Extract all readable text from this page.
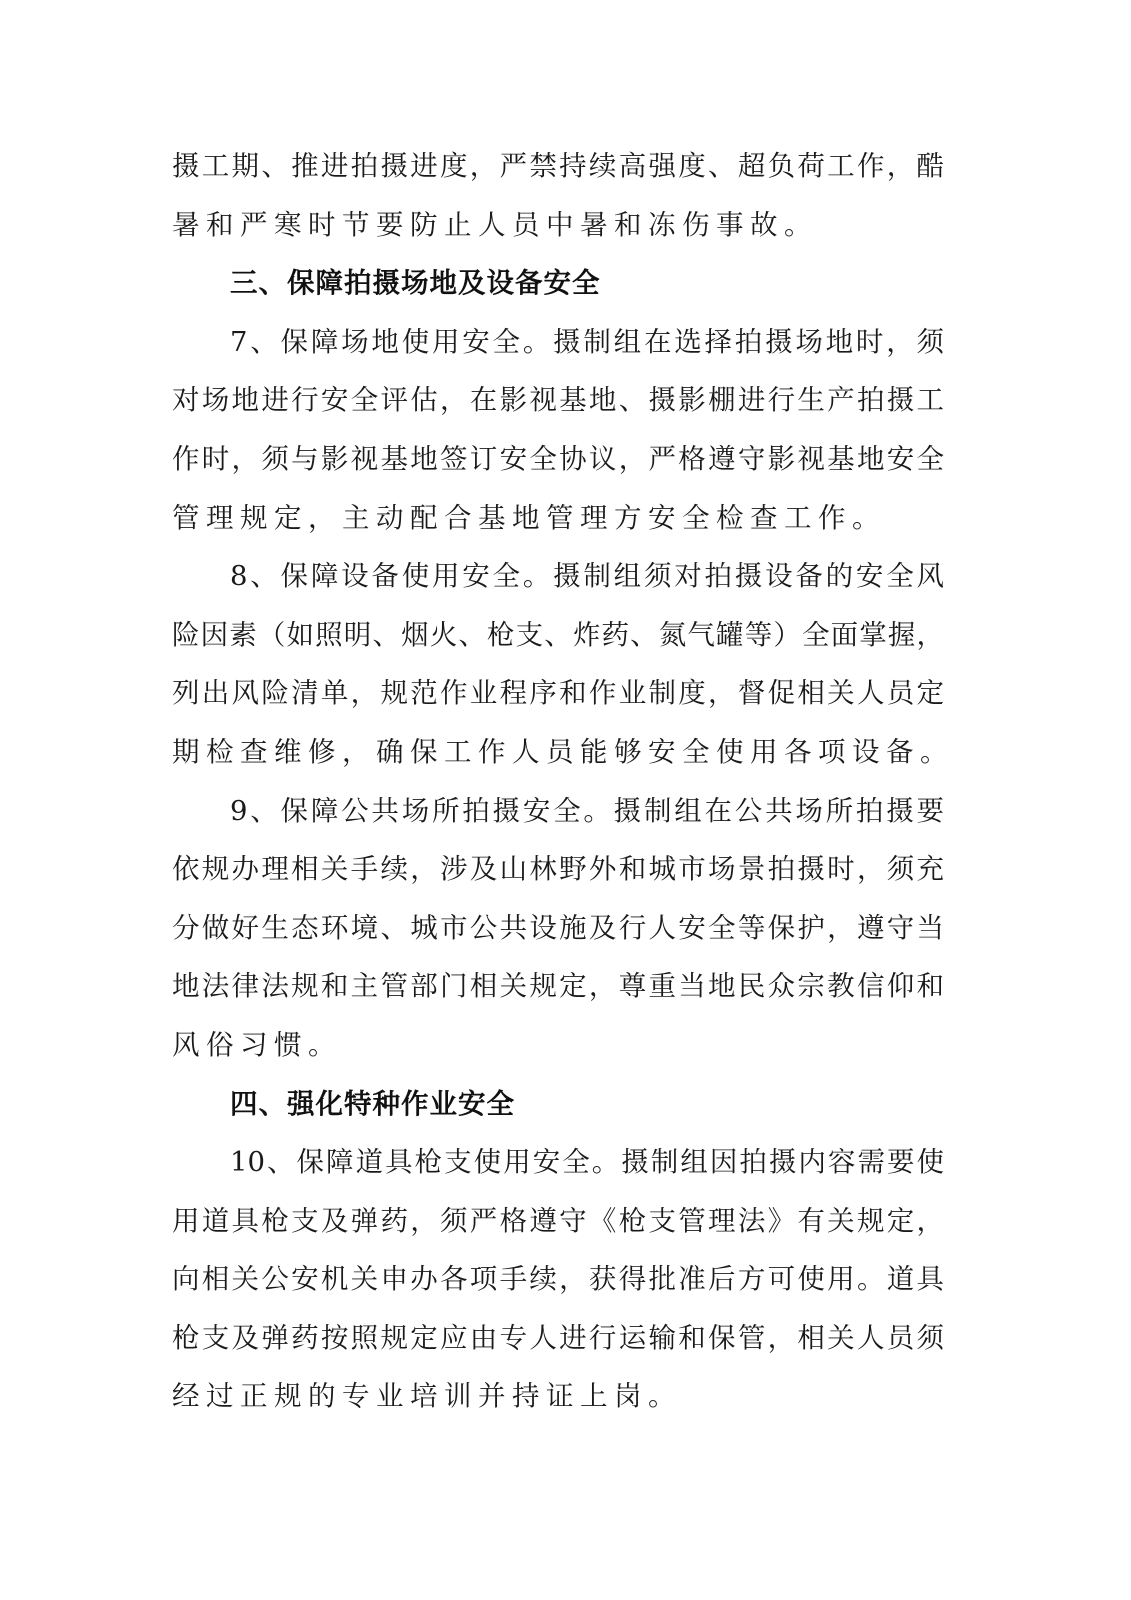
摄工期、推进拍摄进度，严禁持续高强度、超负荷工作，酷
暑和严寒时节要防止人员中暑和冻伤事故。
三、保障拍摄场地及设备安全
7、保障场地使用安全。摄制组在选择拍摄场地时，须
对场地进行安全评估，在影视基地、摄影棚进行生产拍摄工
作时，须与影视基地签订安全协议，严格遵守影视基地安全
管理规定，主动配合基地管理方安全检查工作。
8、保障设备使用安全。摄制组须对拍摄设备的安全风
险因素（如照明、烟火、枪支、炸药、氮气罐等）全面掌握，
列出风险清单，规范作业程序和作业制度，督促相关人员定
期检查维修，确保工作人员能够安全使用各项设备。
9、保障公共场所拍摄安全。摄制组在公共场所拍摄要
依规办理相关手续，涉及山林野外和城市场景拍摄时，须充
分做好生态环境、城市公共设施及行人安全等保护，遵守当
地法律法规和主管部门相关规定，尊重当地民众宗教信仰和
风俗习惯。
四、强化特种作业安全
10、保障道具枪支使用安全。摄制组因拍摄内容需要使
用道具枪支及弹药，须严格遵守《枪支管理法》有关规定，
向相关公安机关申办各项手续，获得批准后方可使用。道具
枪支及弹药按照规定应由专人进行运输和保管，相关人员须
经过正规的专业培训并持证上岗。
